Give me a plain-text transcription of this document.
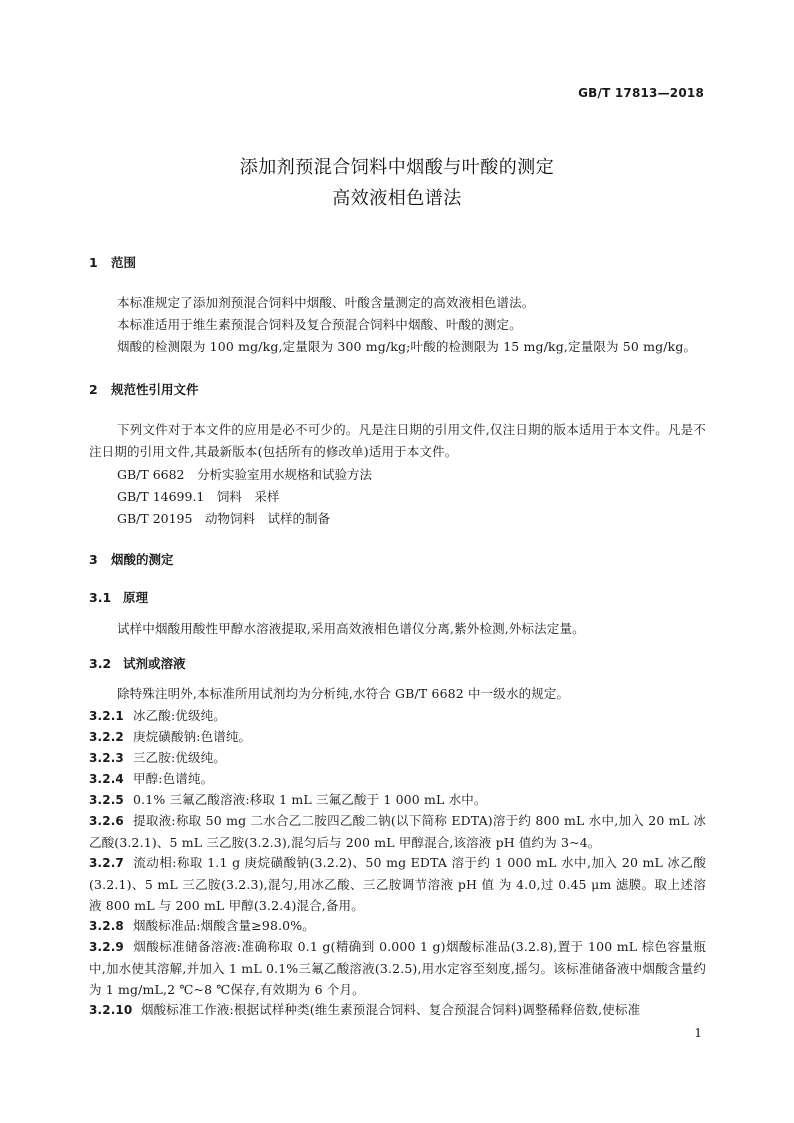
GB/T 17813—2018
添加剂预混合饲料中烟酸与叶酸的测定
高效液相色谱法
1 范围
本标准规定了添加剂预混合饲料中烟酸、叶酸含量测定的高效液相色谱法。
本标准适用于维生素预混合饲料及复合预混合饲料中烟酸、叶酸的测定。
烟酸的检测限为 100 mg/kg,定量限为 300 mg/kg;叶酸的检测限为 15 mg/kg,定量限为 50 mg/kg。
2 规范性引用文件
下列文件对于本文件的应用是必不可少的。凡是注日期的引用文件,仅注日期的版本适用于本文件。凡是不注日期的引用文件,其最新版本(包括所有的修改单)适用于本文件。
GB/T 6682　分析实验室用水规格和试验方法
GB/T 14699.1　饲料　采样
GB/T 20195　动物饲料　试样的制备
3 烟酸的测定
3.1 原理
试样中烟酸用酸性甲醇水溶液提取,采用高效液相色谱仪分离,紫外检测,外标法定量。
3.2 试剂或溶液
除特殊注明外,本标准所用试剂均为分析纯,水符合 GB/T 6682 中一级水的规定。
3.2.1 冰乙酸:优级纯。
3.2.2 庚烷磺酸钠:色谱纯。
3.2.3 三乙胺:优级纯。
3.2.4 甲醇:色谱纯。
3.2.5 0.1% 三氟乙酸溶液:移取 1 mL 三氟乙酸于 1 000 mL 水中。
3.2.6 提取液:称取 50 mg 二水合乙二胺四乙酸二钠(以下简称 EDTA)溶于约 800 mL 水中,加入 20 mL 冰乙酸(3.2.1)、5 mL 三乙胺(3.2.3),混匀后与 200 mL 甲醇混合,该溶液 pH 值约为 3~4。
3.2.7 流动相:称取 1.1 g 庚烷磺酸钠(3.2.2)、50 mg EDTA 溶于约 1 000 mL 水中,加入 20 mL 冰乙酸(3.2.1)、5 mL 三乙胺(3.2.3),混匀,用冰乙酸、三乙胺调节溶液 pH 值 为 4.0,过 0.45 μm 滤膜。取上述溶液 800 mL 与 200 mL 甲醇(3.2.4)混合,备用。
3.2.8 烟酸标准品:烟酸含量≥98.0%。
3.2.9 烟酸标准储备溶液:准确称取 0.1 g(精确到 0.000 1 g)烟酸标准品(3.2.8),置于 100 mL 棕色容量瓶中,加水使其溶解,并加入 1 mL 0.1%三氟乙酸溶液(3.2.5),用水定容至刻度,摇匀。该标准储备液中烟酸含量约为 1 mg/mL,2 ℃~8 ℃保存,有效期为 6 个月。
3.2.10 烟酸标准工作液:根据试样种类(维生素预混合饲料、复合预混合饲料)调整稀释倍数,使标准
1
